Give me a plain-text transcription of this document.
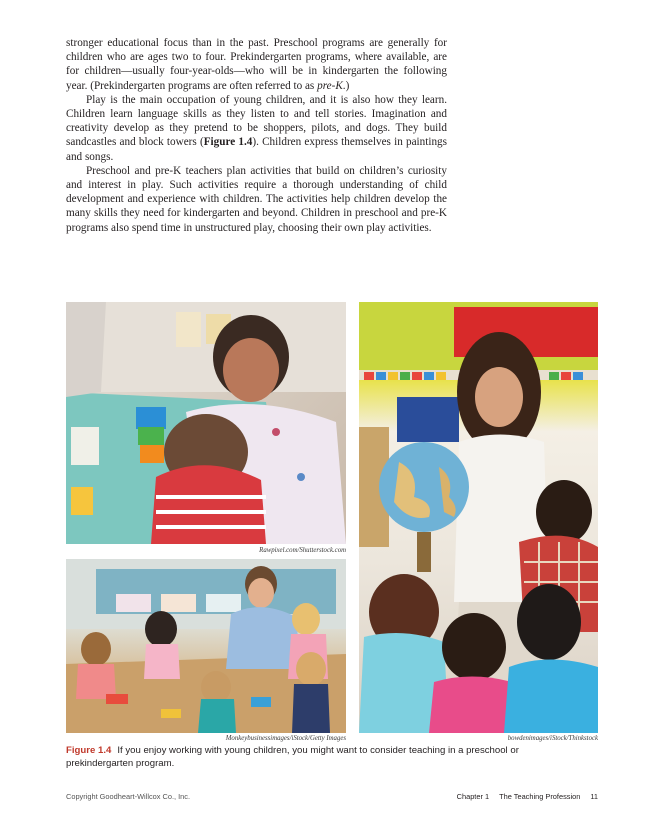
stronger educational focus than in the past. Preschool programs are generally for children who are ages two to four. Prekindergarten programs, where available, are for children—usually four-year-olds—who will be in kindergarten the following year. (Prekindergarten programs are often referred to as pre-K.)

Play is the main occupation of young children, and it is also how they learn. Children learn language skills as they listen to and tell stories. Imagination and creativity develop as they pretend to be shoppers, pilots, and dogs. They build sandcastles and block towers (Figure 1.4). Children express themselves in paintings and songs.

Preschool and pre-K teachers plan activities that build on children’s curiosity and interest in play. Such activities require a thorough understanding of child development and experience with children. The activities help children develop the many skills they need for kindergarten and beyond. Children in preschool and pre-K programs also spend time in unstructured play, choosing their own play activities.

Rawpixel.com/Shutterstock.com
Monkeybusinessimages/iStock/Getty Images	bowdenimages/iStock/Thinkstock
Figure 1.4 If you enjoy working with young children, you might want to consider teaching in a preschool or prekindergarten program.
Copyright Goodheart-Willcox Co., Inc.	Chapter 1 The Teaching Profession 11
